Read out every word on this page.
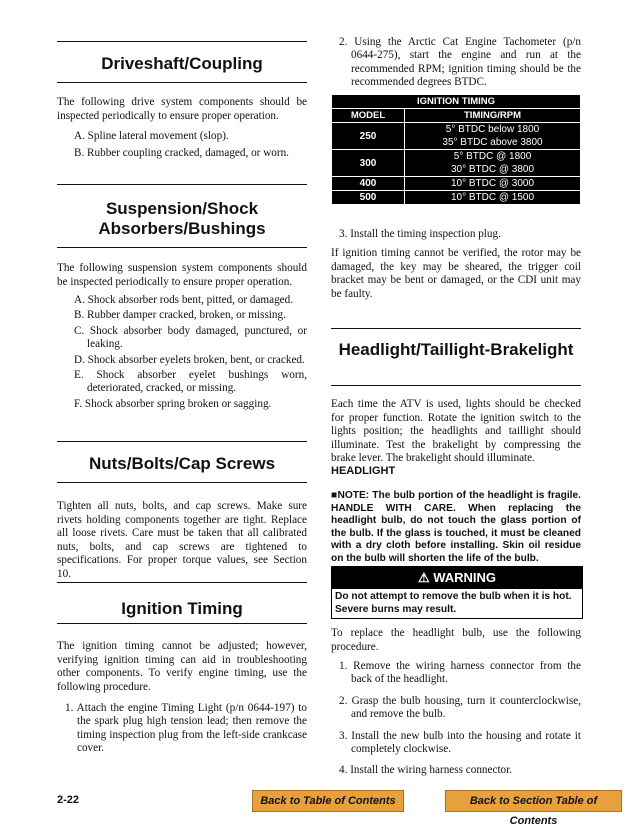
Driveshaft/Coupling

The following drive system components should be inspected periodically to ensure proper operation.

A. Spline lateral movement (slop).
B. Rubber coupling cracked, damaged, or worn.
Suspension/Shock Absorbers/Bushings

The following suspension system components should be inspected periodically to ensure proper operation.

A. Shock absorber rods bent, pitted, or damaged.
B. Rubber damper cracked, broken, or missing.
C. Shock absorber body damaged, punctured, or leaking.
D. Shock absorber eyelets broken, bent, or cracked.
E. Shock absorber eyelet bushings worn, deteriorated, cracked, or missing.
F. Shock absorber spring broken or sagging.
Nuts/Bolts/Cap Screws

Tighten all nuts, bolts, and cap screws. Make sure rivets holding components together are tight. Replace all loose rivets. Care must be taken that all calibrated nuts, bolts, and cap screws are tightened to specifications. For proper torque values, see Section 10.

Ignition Timing

The ignition timing cannot be adjusted; however, verifying ignition timing can aid in troubleshooting other components. To verify engine timing, use the following procedure.

1. Attach the engine Timing Light (p/n 0644-197) to the spark plug high tension lead; then remove the timing inspection plug from the left-side crankcase cover.
2. Using the Arctic Cat Engine Tachometer (p/n 0644-275), start the engine and run at the recommended RPM; ignition timing should be the recommended degrees BTDC.
IGNITION TIMING	
MODEL	TIMING/RPM
250	5° BTDC below 1800
35° BTDC above 3800

300	5° BTDC @ 1800
30° BTDC @ 3800

400	10° BTDC @ 3000
500	10° BTDC @ 1500
3. Install the timing inspection plug.

If ignition timing cannot be verified, the rotor may be damaged, the key may be sheared, the trigger coil bracket may be bent or damaged, or the CDI unit may be faulty.

Headlight/Taillight-Brakelight

Each time the ATV is used, lights should be checked for proper function. Rotate the ignition switch to the lights position; the headlights and taillight should illuminate. Test the brakelight by compressing the brake lever. The brakelight should illuminate.

HEADLIGHT

■NOTE: The bulb portion of the headlight is fragile. HANDLE WITH CARE. When replacing the headlight bulb, do not touch the glass portion of the bulb. If the glass is touched, it must be cleaned with a dry cloth before installing. Skin oil residue on the bulb will shorten the life of the bulb.

⚠ WARNING
Do not attempt to remove the bulb when it is hot. Severe burns may result.

To replace the headlight bulb, use the following procedure.

1. Remove the wiring harness connector from the back of the headlight.
2. Grasp the bulb housing, turn it counterclockwise, and remove the bulb.
3. Install the new bulb into the housing and rotate it completely clockwise.
4. Install the wiring harness connector.
2-22	Back to Table of Contents	Back to Section Table of Contents
